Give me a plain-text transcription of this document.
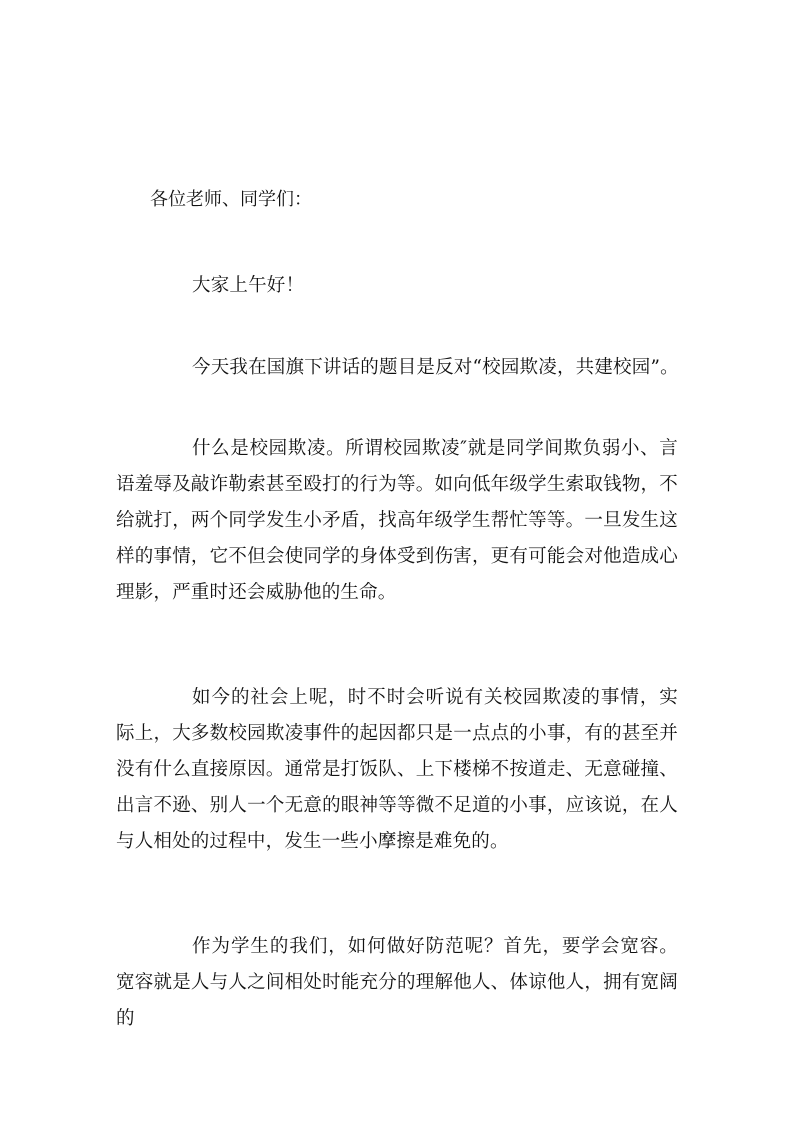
各位老师、同学们：

大家上午好！

今天我在国旗下讲话的题目是反对“校园欺凌，共建校园”。

什么是校园欺凌。所谓校园欺凌″就是同学间欺负弱小、言语羞辱及敲诈勒索甚至殴打的行为等。如向低年级学生索取钱物，不给就打，两个同学发生小矛盾，找高年级学生帮忙等等。一旦发生这样的事情，它不但会使同学的身体受到伤害，更有可能会对他造成心理影，严重时还会威胁他的生命。

如今的社会上呢，时不时会听说有关校园欺凌的事情，实际上，大多数校园欺凌事件的起因都只是一点点的小事，有的甚至并没有什么直接原因。通常是打饭队、上下楼梯不按道走、无意碰撞、出言不逊、别人一个无意的眼神等等微不足道的小事，应该说，在人与人相处的过程中，发生一些小摩擦是难免的。

作为学生的我们，如何做好防范呢？首先，要学会宽容。宽容就是人与人之间相处时能充分的理解他人、体谅他人，拥有宽阔的
